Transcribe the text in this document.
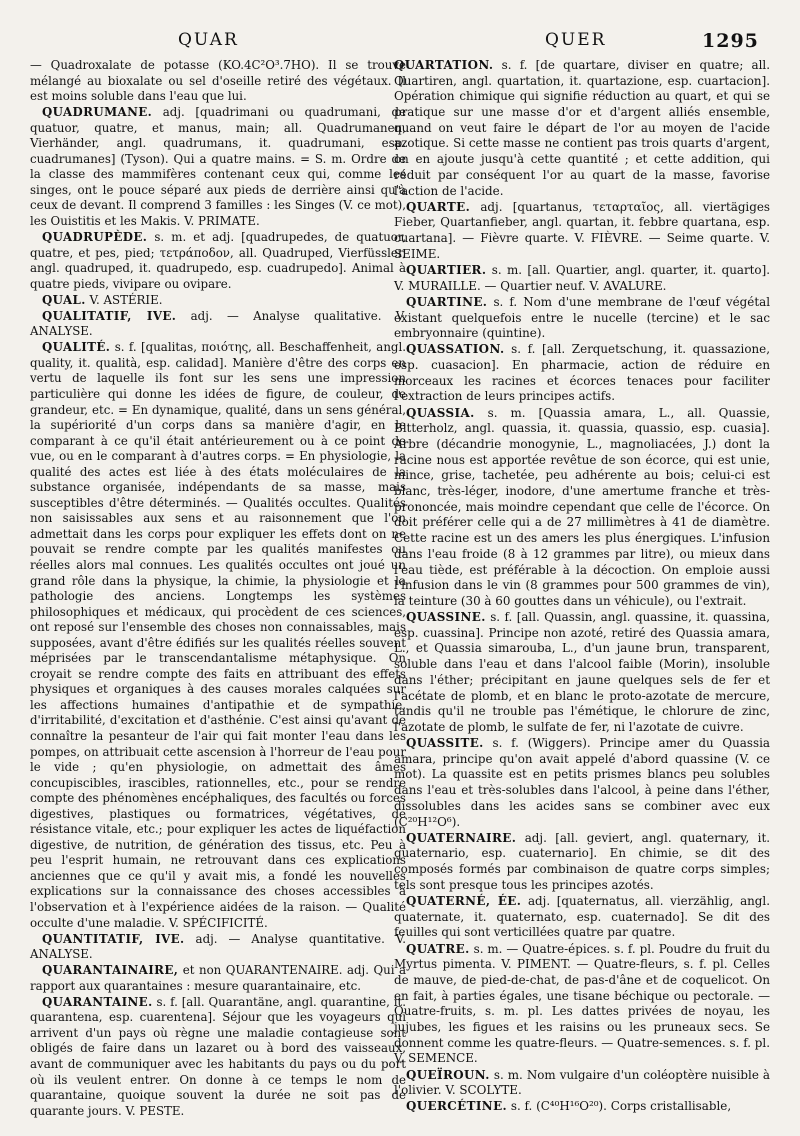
QUAR	QUER	1295

— Quadroxalate de potasse (KO.4C²O³.7HO). Il se trouve mélangé au bioxalate ou sel d'oseille retiré des végétaux. Il est moins soluble dans l'eau que lui.

QUADRUMANE. adj. [quadrimani ou quadrumani, de quatuor, quatre, et manus, main; all. Quadrumanen, Vierhänder, angl. quadrumans, it. quadrumani, esp. cuadrumanes] (Tyson). Qui a quatre mains. = S. m. Ordre de la classe des mammifères contenant ceux qui, comme les singes, ont le pouce séparé aux pieds de derrière ainsi qu'à ceux de devant. Il comprend 3 familles : les Singes (V. ce mot), les Ouistitis et les Makis. V. PRIMATE.

QUADRUPÈDE. s. m. et adj. [quadrupedes, de quatuor, quatre, et pes, pied; τετράποδον, all. Quadruped, Vierfüssler, angl. quadruped, it. quadrupedo, esp. cuadrupedo]. Animal à quatre pieds, vivipare ou ovipare.

QUAL. V. ASTÉRIE.

QUALITATIF, IVE. adj. — Analyse qualitative. V. ANALYSE.

QUALITÉ. s. f. [qualitas, ποιότης, all. Beschaffenheit, angl. quality, it. qualità, esp. calidad]. Manière d'être des corps en vertu de laquelle ils font sur les sens une impression particulière qui donne les idées de figure, de couleur, de grandeur, etc. = En dynamique, qualité, dans un sens général, la supériorité d'un corps dans sa manière d'agir, en le comparant à ce qu'il était antérieurement ou à ce point de vue, ou en le comparant à d'autres corps. = En physiologie, la qualité des actes est liée à des états moléculaires de la substance organisée, indépendants de sa masse, mais susceptibles d'être déterminés. — Qualités occultes. Qualités non saisissables aux sens et au raisonnement que l'on admettait dans les corps pour expliquer les effets dont on ne pouvait se rendre compte par les qualités manifestes ou réelles alors mal connues. Les qualités occultes ont joué un grand rôle dans la physique, la chimie, la physiologie et la pathologie des anciens. Longtemps les systèmes philosophiques et médicaux, qui procèdent de ces sciences, ont reposé sur l'ensemble des choses non connaissables, mais supposées, avant d'être édifiés sur les qualités réelles souvent méprisées par le transcendantalisme métaphysique. On croyait se rendre compte des faits en attribuant des effets physiques et organiques à des causes morales calquées sur les affections humaines d'antipathie et de sympathie, d'irritabilité, d'excitation et d'asthénie. C'est ainsi qu'avant de connaître la pesanteur de l'air qui fait monter l'eau dans les pompes, on attribuait cette ascension à l'horreur de l'eau pour le vide ; qu'en physiologie, on admettait des âmes concupiscibles, irascibles, rationnelles, etc., pour se rendre compte des phénomènes encéphaliques, des facultés ou forces digestives, plastiques ou formatrices, végétatives, de résistance vitale, etc.; pour expliquer les actes de liquéfaction digestive, de nutrition, de génération des tissus, etc. Peu à peu l'esprit humain, ne retrouvant dans ces explications anciennes que ce qu'il y avait mis, a fondé les nouvelles explications sur la connaissance des choses accessibles à l'observation et à l'expérience aidées de la raison. — Qualité occulte d'une maladie. V. SPÉCIFICITÉ.

QUANTITATIF, IVE. adj. — Analyse quantitative. V. ANALYSE.

QUARANTAINAIRE, et non QUARANTENAIRE. adj. Qui a rapport aux quarantaines : mesure quarantainaire, etc.

QUARANTAINE. s. f. [all. Quarantäne, angl. quarantine, it. quarantena, esp. cuarentena]. Séjour que les voyageurs qui arrivent d'un pays où règne une maladie contagieuse sont obligés de faire dans un lazaret ou à bord des vaisseaux, avant de communiquer avec les habitants du pays ou du port où ils veulent entrer. On donne à ce temps le nom de quarantaine, quoique souvent la durée ne soit pas de quarante jours. V. PESTE.

QUARTATION. s. f. [de quartare, diviser en quatre; all. Quartiren, angl. quartation, it. quartazione, esp. cuartacion]. Opération chimique qui signifie réduction au quart, et qui se pratique sur une masse d'or et d'argent alliés ensemble, quand on veut faire le départ de l'or au moyen de l'acide azotique. Si cette masse ne contient pas trois quarts d'argent, on en ajoute jusqu'à cette quantité ; et cette addition, qui réduit par conséquent l'or au quart de la masse, favorise l'action de l'acide.

QUARTE. adj. [quartanus, τεταρταῖος, all. viertägiges Fieber, Quartanfieber, angl. quartan, it. febbre quartana, esp. cuartana]. — Fièvre quarte. V. FIÈVRE. — Seime quarte. V. SEIME.

QUARTIER. s. m. [all. Quartier, angl. quarter, it. quarto]. V. MURAILLE. — Quartier neuf. V. AVALURE.

QUARTINE. s. f. Nom d'une membrane de l'œuf végétal existant quelquefois entre le nucelle (tercine) et le sac embryonnaire (quintine).

QUASSATION. s. f. [all. Zerquetschung, it. quassazione, esp. cuasacion]. En pharmacie, action de réduire en morceaux les racines et écorces tenaces pour faciliter l'extraction de leurs principes actifs.

QUASSIA. s. m. [Quassia amara, L., all. Quassie, Bitterholz, angl. quassia, it. quassia, quassio, esp. cuasia]. Arbre (décandrie monogynie, L., magnoliacées, J.) dont la racine nous est apportée revêtue de son écorce, qui est unie, mince, grise, tachetée, peu adhérente au bois; celui-ci est blanc, très-léger, inodore, d'une amertume franche et très-prononcée, mais moindre cependant que celle de l'écorce. On doit préférer celle qui a de 27 millimètres à 41 de diamètre. Cette racine est un des amers les plus énergiques. L'infusion dans l'eau froide (8 à 12 grammes par litre), ou mieux dans l'eau tiède, est préférable à la décoction. On emploie aussi l'infusion dans le vin (8 grammes pour 500 grammes de vin), la teinture (30 à 60 gouttes dans un véhicule), ou l'extrait.

QUASSINE. s. f. [all. Quassin, angl. quassine, it. quassina, esp. cuassina]. Principe non azoté, retiré des Quassia amara, L., et Quassia simarouba, L., d'un jaune brun, transparent, soluble dans l'eau et dans l'alcool faible (Morin), insoluble dans l'éther; précipitant en jaune quelques sels de fer et l'acétate de plomb, et en blanc le proto-azotate de mercure, tandis qu'il ne trouble pas l'émétique, le chlorure de zinc, l'azotate de plomb, le sulfate de fer, ni l'azotate de cuivre.

QUASSITE. s. f. (Wiggers). Principe amer du Quassia amara, principe qu'on avait appelé d'abord quassine (V. ce mot). La quassite est en petits prismes blancs peu solubles dans l'eau et très-solubles dans l'alcool, à peine dans l'éther, dissolubles dans les acides sans se combiner avec eux (C²⁰H¹²O⁶).

QUATERNAIRE. adj. [all. geviert, angl. quaternary, it. quaternario, esp. cuaternario]. En chimie, se dit des composés formés par combinaison de quatre corps simples; tels sont presque tous les principes azotés.

QUATERNÉ, ÉE. adj. [quaternatus, all. vierzählig, angl. quaternate, it. quaternato, esp. cuaternado]. Se dit des feuilles qui sont verticillées quatre par quatre.

QUATRE. s. m. — Quatre-épices. s. f. pl. Poudre du fruit du Myrtus pimenta. V. PIMENT. — Quatre-fleurs, s. f. pl. Celles de mauve, de pied-de-chat, de pas-d'âne et de coquelicot. On en fait, à parties égales, une tisane béchique ou pectorale. — Quatre-fruits, s. m. pl. Les dattes privées de noyau, les jujubes, les figues et les raisins ou les pruneaux secs. Se donnent comme les quatre-fleurs. — Quatre-semences. s. f. pl. V. SEMENCE.

QUEÏROUN. s. m. Nom vulgaire d'un coléoptère nuisible à l'olivier. V. SCOLYTE.

QUERCÉTINE. s. f. (C⁴⁰H¹⁶O²⁰). Corps cristallisable,
